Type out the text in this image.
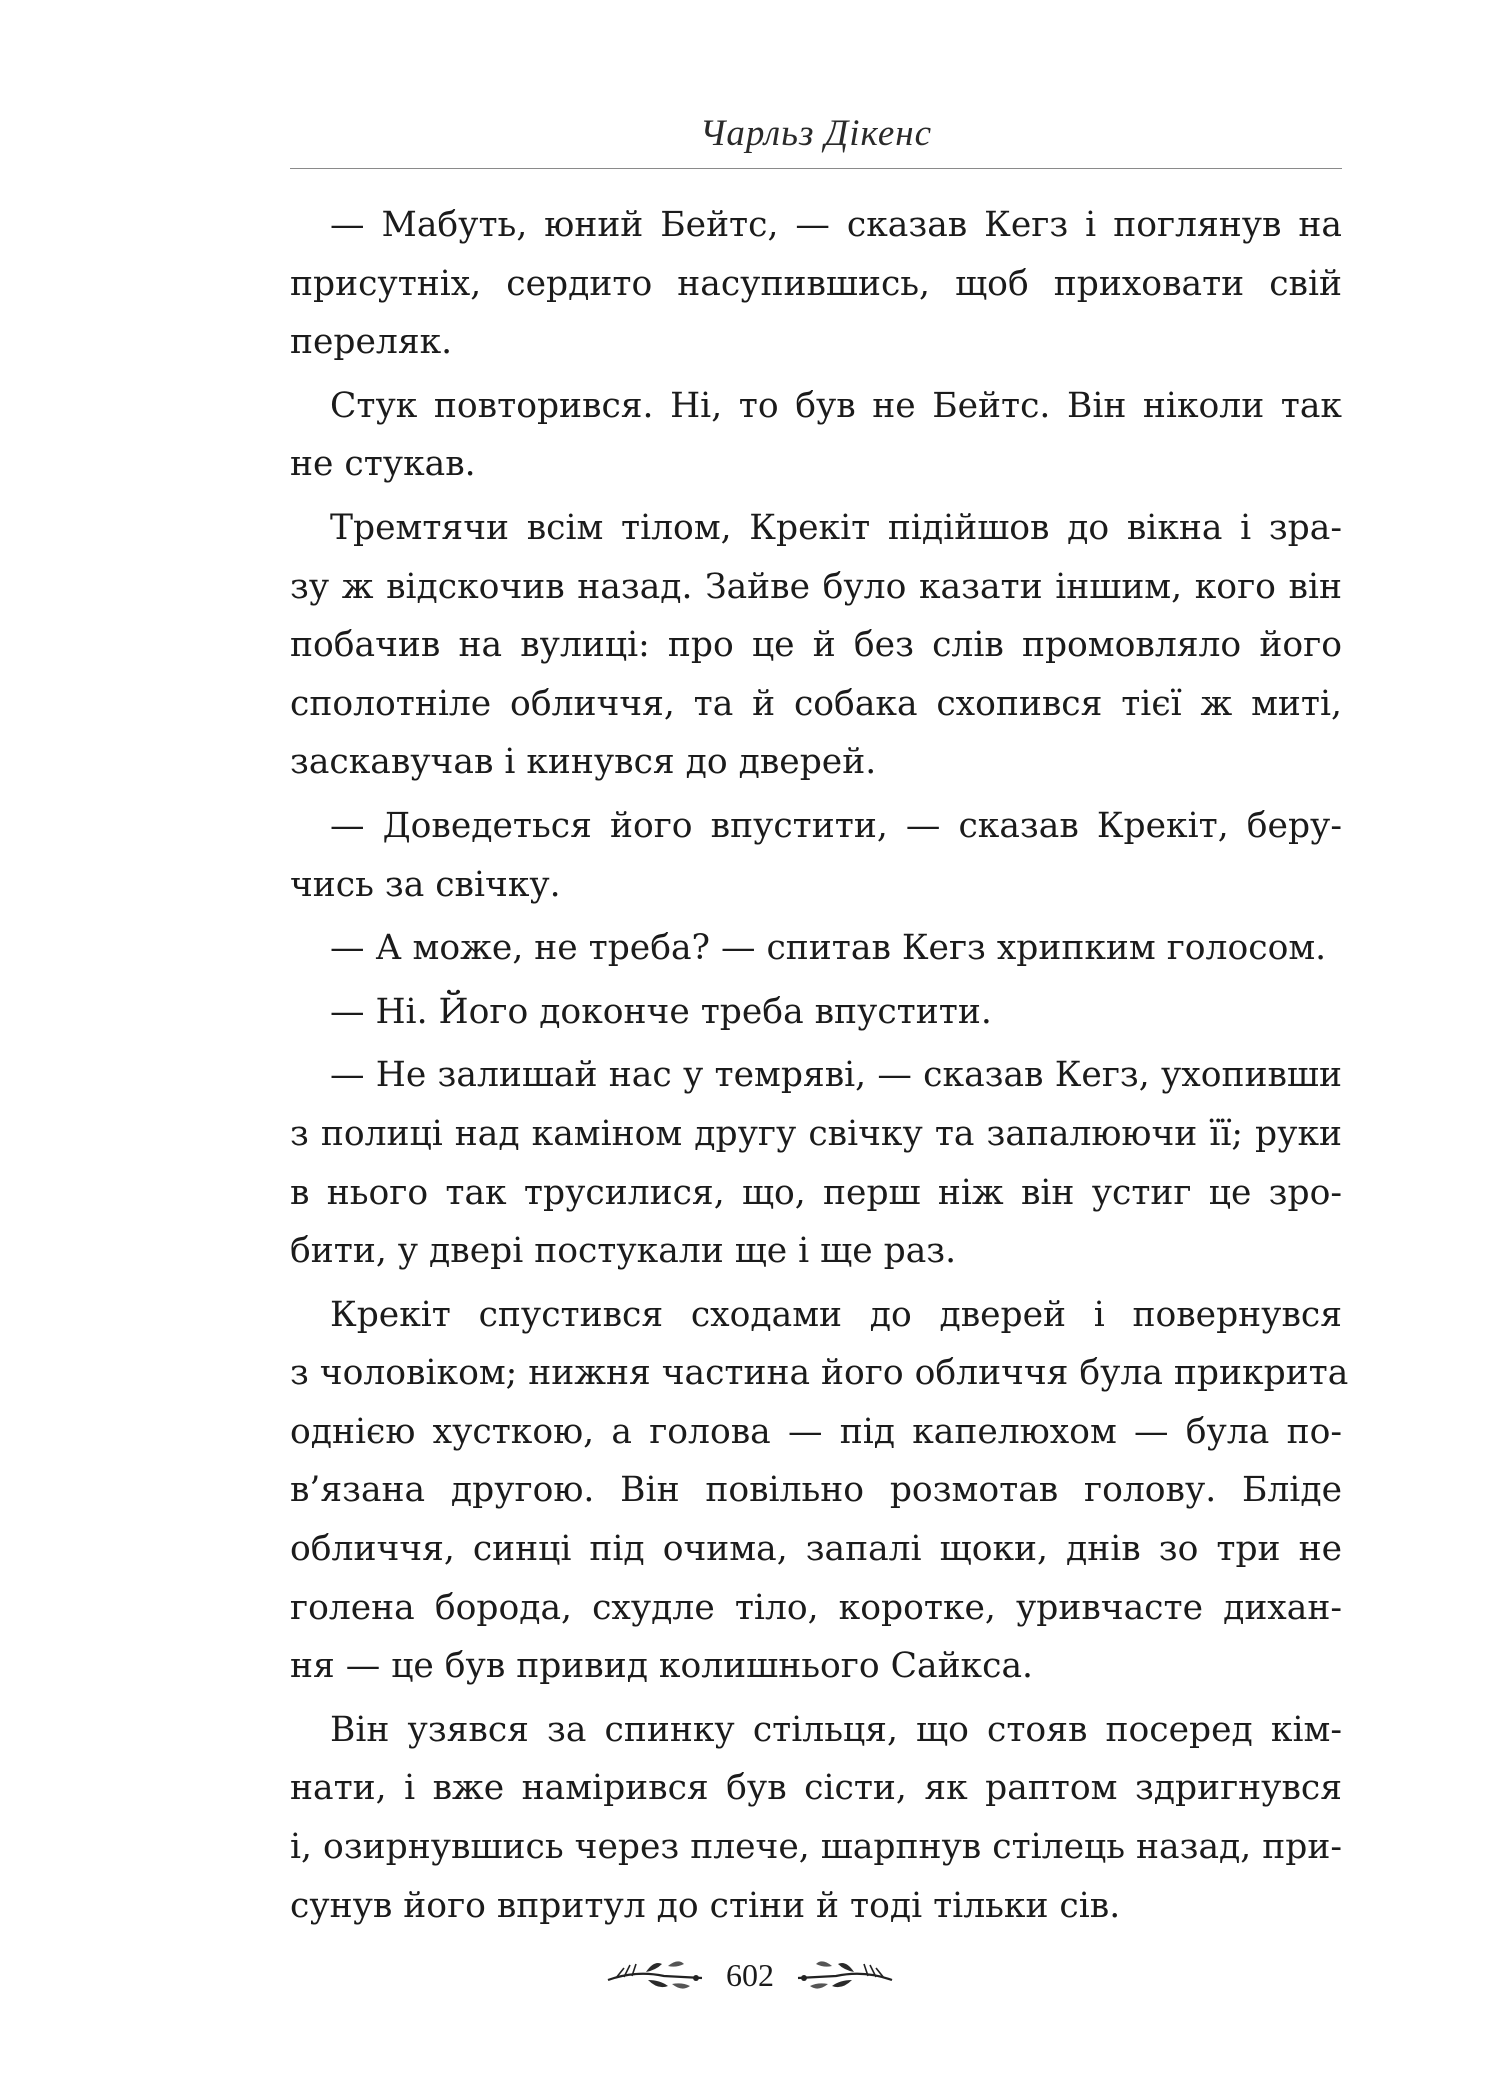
Чарльз Дікенс
— Мабуть, юний Бейтс, — сказав Кегз і поглянув на
присутніх, сердито насупившись, щоб приховати свій
переляк.
Стук повторився. Ні, то був не Бейтс. Він ніколи так
не стукав.
Тремтячи всім тілом, Крекіт підійшов до вікна і зра-
зу ж відскочив назад. Зайве було казати іншим, кого він
побачив на вулиці: про це й без слів промовляло його
сполотніле обличчя, та й собака схопився тієї ж миті,
заскавучав і кинувся до дверей.
— Доведеться його впустити, — сказав Крекіт, беру-
чись за свічку.
— А може, не треба? — спитав Кегз хрипким голосом.
— Ні. Його доконче треба впустити.
— Не залишай нас у темряві, — сказав Кегз, ухопивши
з полиці над каміном другу свічку та запалюючи її; руки
в нього так трусилися, що, перш ніж він устиг це зро-
бити, у двері постукали ще і ще раз.
Крекіт спустився сходами до дверей і повернувся
з чоловіком; нижня частина його обличчя була прикрита
однією хусткою, а голова — під капелюхом — була по-
в’язана другою. Він повільно розмотав голову. Бліде
обличчя, синці під очима, запалі щоки, днів зо три не
голена борода, схудле тіло, коротке, уривчасте дихан-
ня — це був привид колишнього Сайкса.
Він узявся за спинку стільця, що стояв посеред кім-
нати, і вже намірився був сісти, як раптом здригнувся
і, озирнувшись через плече, шарпнув стілець назад, при-
сунув його впритул до стіни й тоді тільки сів.
602
